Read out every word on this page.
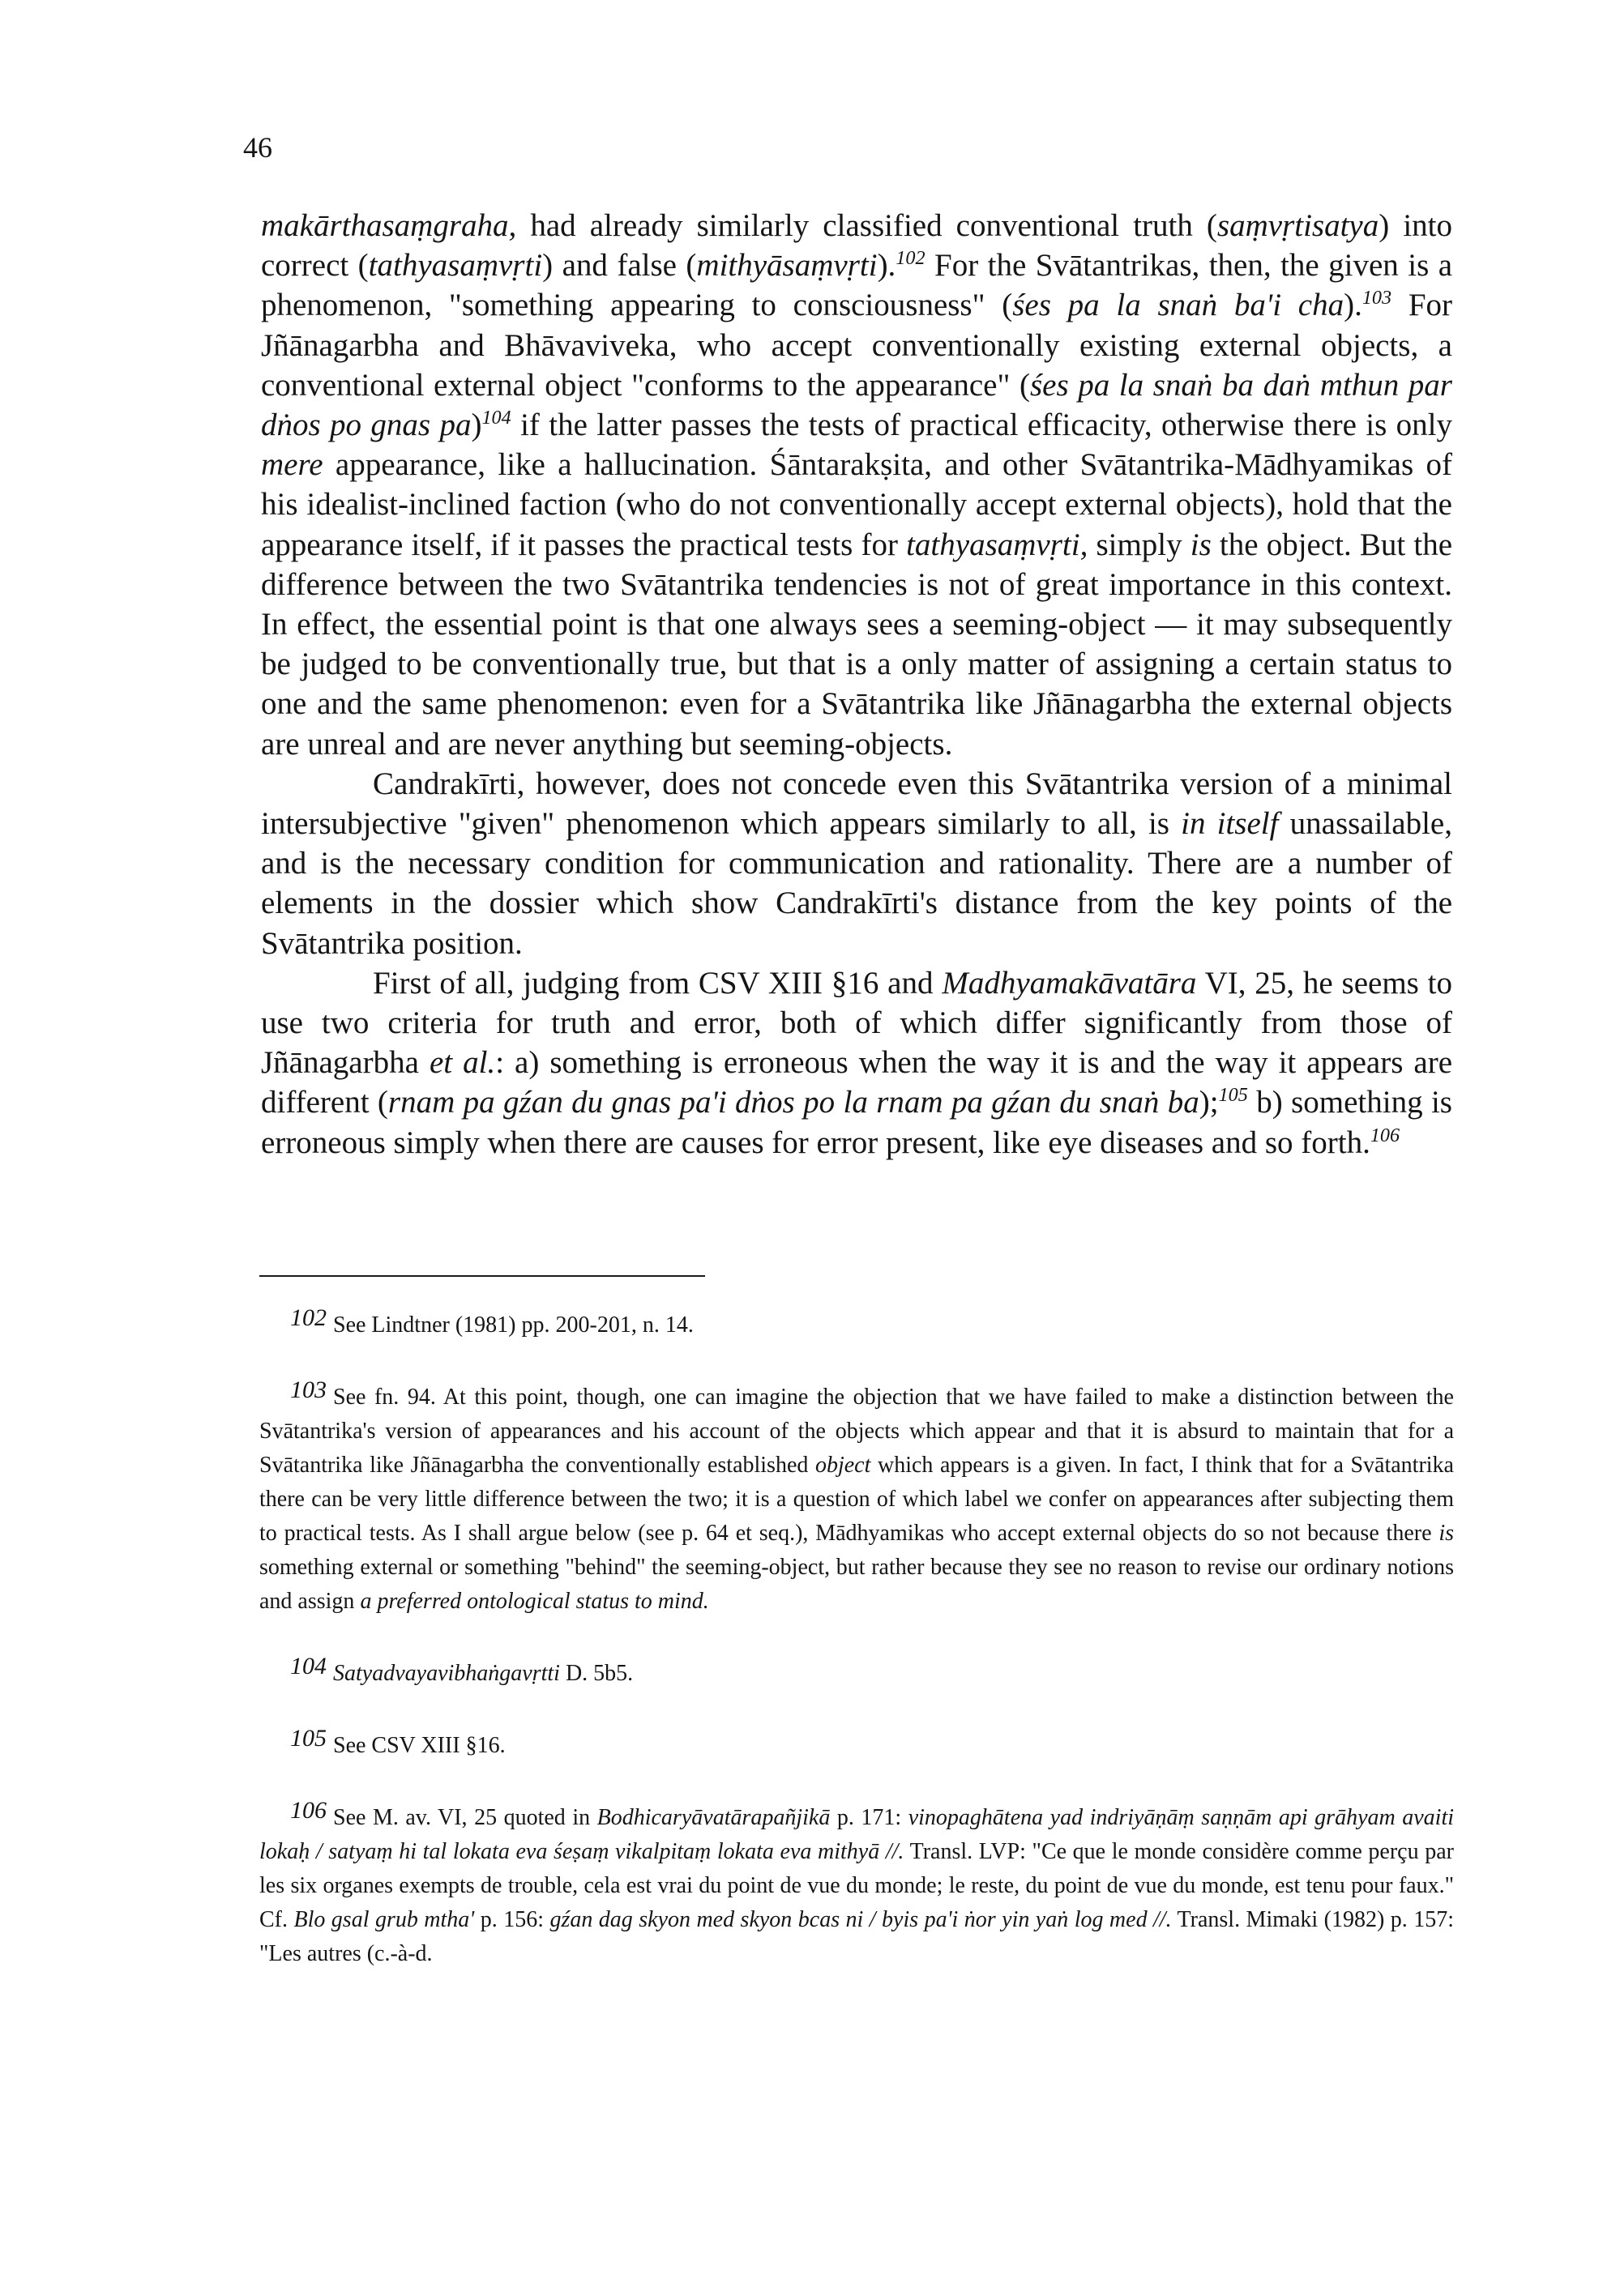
46

makārthasaṃgraha, had already similarly classified conventional truth (saṃvṛtisatya) into correct (tathyasaṃvṛti) and false (mithyāsaṃvṛti).$^{102}$ For the Svātantrikas, then, the given is a phenomenon, "something appearing to consciousness" (śes pa la snaṅ ba'i cha).$^{103}$ For Jñānagarbha and Bhāvaviveka, who accept conventionally existing external objects, a conventional external object "conforms to the appearance" (śes pa la snaṅ ba daṅ mthun par dṅos po gnas pa)$^{104}$ if the latter passes the tests of practical efficacity, otherwise there is only mere appearance, like a hallucination. Śāntarakṣita, and other Svātantrika-Mādhyamikas of his idealist-inclined faction (who do not conventionally accept external objects), hold that the appearance itself, if it passes the practical tests for tathyasaṃvṛti, simply is the object. But the difference between the two Svātantrika tendencies is not of great importance in this context. In effect, the essential point is that one always sees a seeming-object — it may subsequently be judged to be conventionally true, but that is a only matter of assigning a certain status to one and the same phenomenon: even for a Svātantrika like Jñānagarbha the external objects are unreal and are never anything but seeming-objects.

Candrakīrti, however, does not concede even this Svātantrika version of a minimal intersubjective "given" phenomenon which appears similarly to all, is in itself unassailable, and is the necessary condition for communication and rationality. There are a number of elements in the dossier which show Candrakīrti's distance from the key points of the Svātantrika position.

First of all, judging from CSV XIII §16 and Madhyamakāvatāra VI, 25, he seems to use two criteria for truth and error, both of which differ significantly from those of Jñānagarbha et al.: a) something is erroneous when the way it is and the way it appears are different (rnam pa gźan du gnas pa'i dṅos po la rnam pa gźan du snaṅ ba);$^{105}$ b) something is erroneous simply when there are causes for error present, like eye diseases and so forth.$^{106}$

102 See Lindtner (1981) pp. 200-201, n. 14.

103 See fn. 94. At this point, though, one can imagine the objection that we have failed to make a distinction between the Svātantrika's version of appearances and his account of the objects which appear and that it is absurd to maintain that for a Svātantrika like Jñānagarbha the conventionally established object which appears is a given. In fact, I think that for a Svātantrika there can be very little difference between the two; it is a question of which label we confer on appearances after subjecting them to practical tests. As I shall argue below (see p. 64 et seq.), Mādhyamikas who accept external objects do so not because there is something external or something "behind" the seeming-object, but rather because they see no reason to revise our ordinary notions and assign a preferred ontological status to mind.

104 Satyadvayavibhaṅgavṛtti D. 5b5.

105 See CSV XIII §16.

106 See M. av. VI, 25 quoted in Bodhicaryāvatārapañjikā p. 171: vinopaghātena yad indriyāṇāṃ saṇṇām api grāhyam avaiti lokaḥ / satyaṃ hi tal lokata eva śeṣaṃ vikalpitaṃ lokata eva mithyā //. Transl. LVP: "Ce que le monde considère comme perçu par les six organes exempts de trouble, cela est vrai du point de vue du monde; le reste, du point de vue du monde, est tenu pour faux." Cf. Blo gsal grub mtha' p. 156: gźan dag skyon med skyon bcas ni / byis pa'i ṅor yin yaṅ log med //. Transl. Mimaki (1982) p. 157: "Les autres (c.-à-d.
